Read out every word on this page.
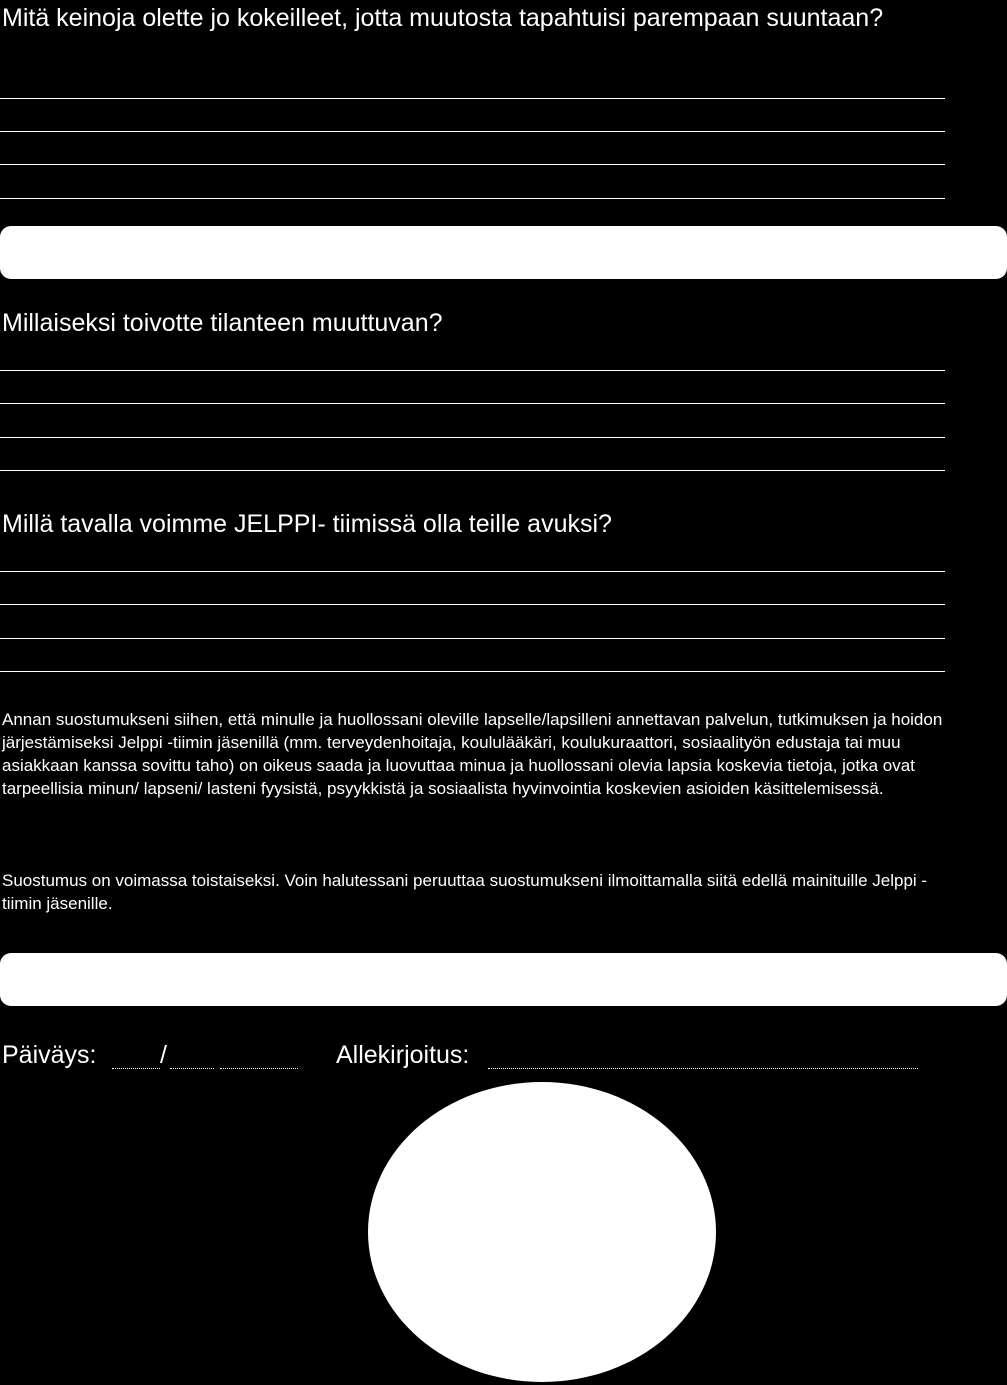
Mitä keinoja olette jo kokeilleet, jotta muutosta tapahtuisi parempaan suuntaan?
Millaiseksi toivotte tilanteen muuttuvan?
Millä tavalla voimme JELPPI- tiimissä olla teille avuksi?

Annan suostumukseni siihen, että minulle ja huollossani oleville lapselle/lapsilleni annettavan palvelun, tutkimuksen ja hoidon järjestämiseksi Jelppi -tiimin jäsenillä (mm. terveydenhoitaja, koululääkäri, koulukuraattori, sosiaalityön edustaja tai muu asiakkaan kanssa sovittu taho) on oikeus saada ja luovuttaa minua ja huollossani olevia lapsia koskevia tietoja, jotka ovat tarpeellisia minun/ lapseni/ lasteni fyysistä, psyykkistä ja sosiaalista hyvinvointia koskevien asioiden käsittelemisessä.

Suostumus on voimassa toistaiseksi. Voin halutessani peruuttaa suostumukseni ilmoittamalla siitä edellä mainituille Jelppi -tiimin jäsenille.

Päiväys:	/	Allekirjoitus:
